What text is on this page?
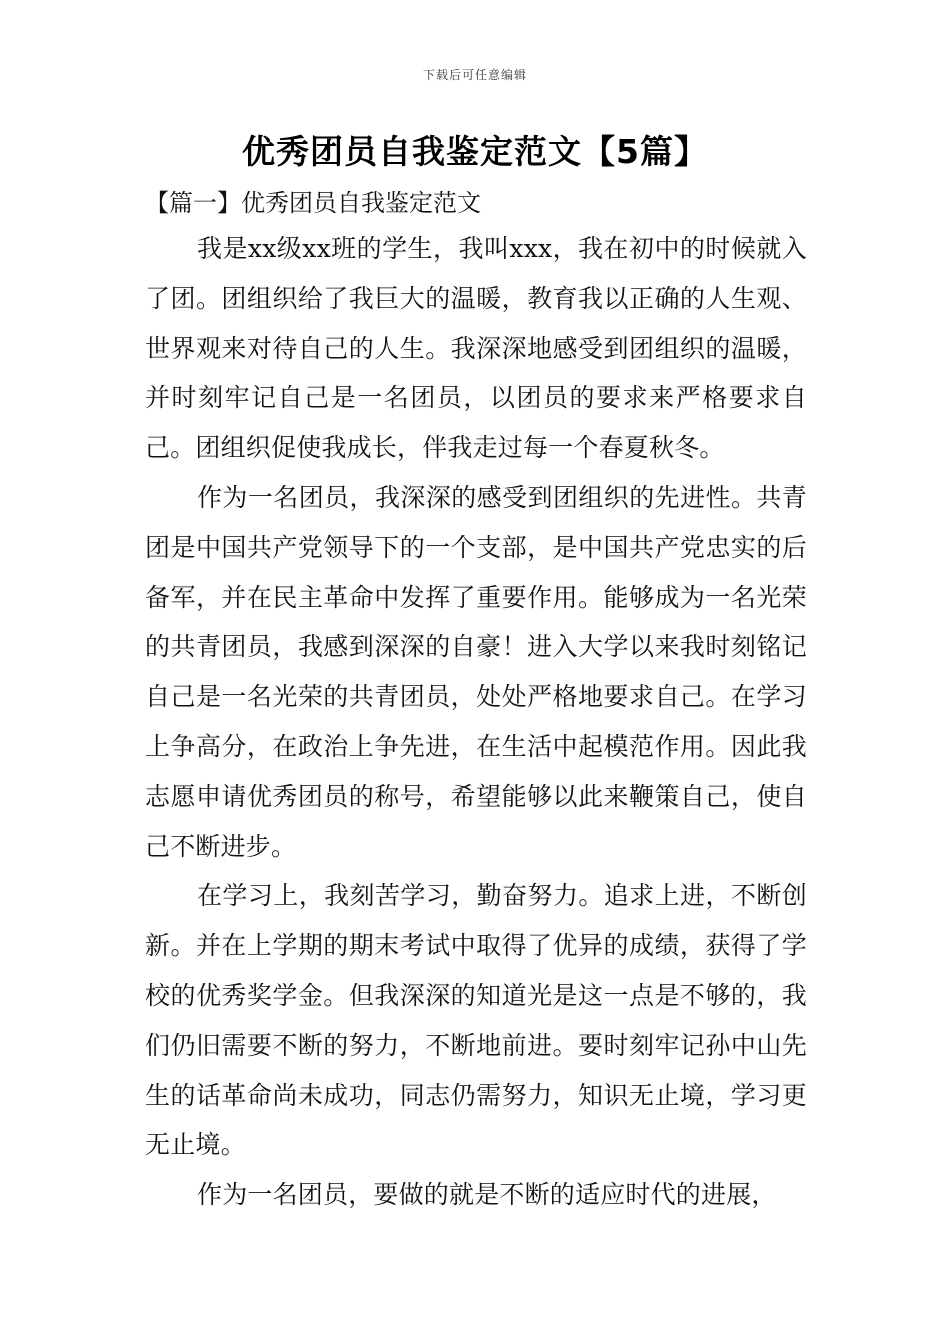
下载后可任意编辑
优秀团员自我鉴定范文【5篇】
【篇一】优秀团员自我鉴定范文

我是xx级xx班的学生，我叫xxx，我在初中的时候就入了团。团组织给了我巨大的温暖，教育我以正确的人生观、世界观来对待自己的人生。我深深地感受到团组织的温暖，并时刻牢记自己是一名团员，以团员的要求来严格要求自己。团组织促使我成长，伴我走过每一个春夏秋冬。

作为一名团员，我深深的感受到团组织的先进性。共青团是中国共产党领导下的一个支部，是中国共产党忠实的后备军，并在民主革命中发挥了重要作用。能够成为一名光荣的共青团员，我感到深深的自豪！进入大学以来我时刻铭记自己是一名光荣的共青团员，处处严格地要求自己。在学习上争高分，在政治上争先进，在生活中起模范作用。因此我志愿申请优秀团员的称号，希望能够以此来鞭策自己，使自己不断进步。

在学习上，我刻苦学习，勤奋努力。追求上进，不断创新。并在上学期的期末考试中取得了优异的成绩，获得了学校的优秀奖学金。但我深深的知道光是这一点是不够的，我们仍旧需要不断的努力，不断地前进。要时刻牢记孙中山先生的话革命尚未成功，同志仍需努力，知识无止境，学习更无止境。

作为一名团员，要做的就是不断的适应时代的进展，
